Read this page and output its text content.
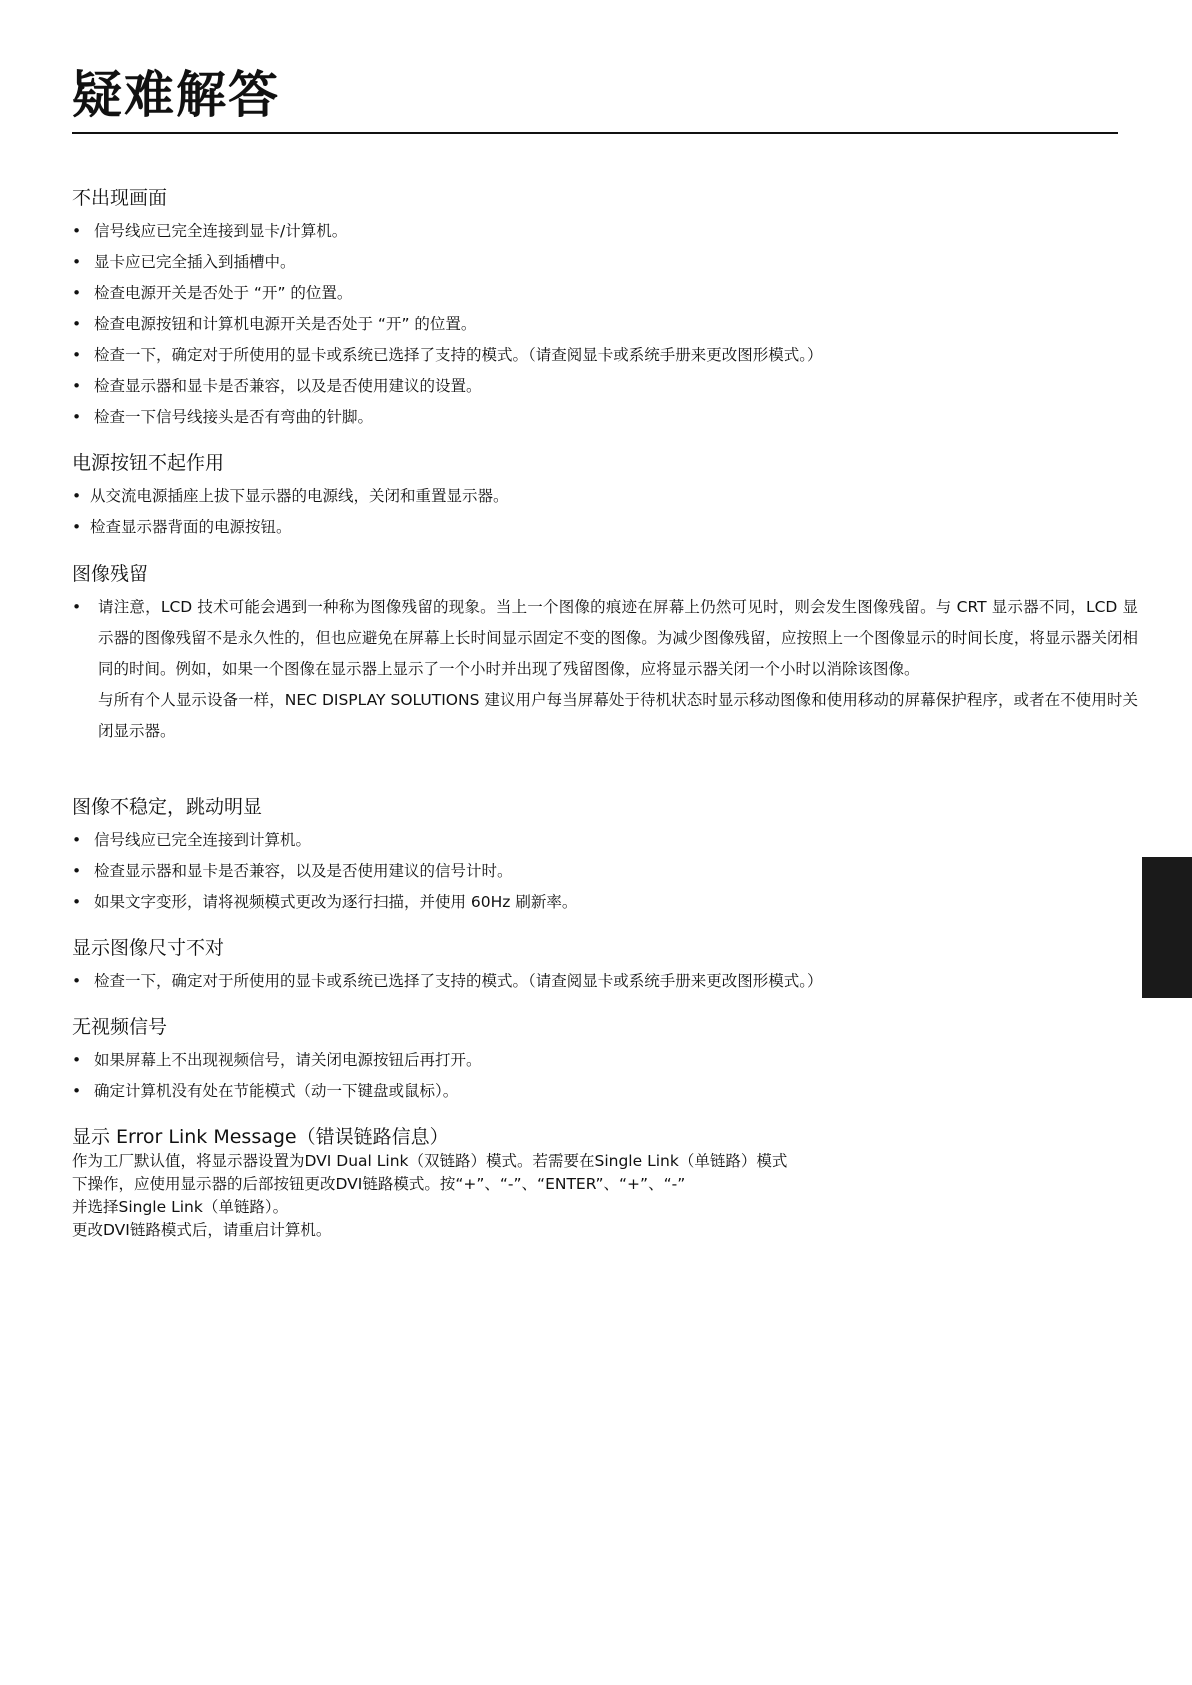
疑难解答
不出现画面
• 信号线应已完全连接到显卡/计算机。
• 显卡应已完全插入到插槽中。
• 检查电源开关是否处于 “开” 的位置。
• 检查电源按钮和计算机电源开关是否处于 “开” 的位置。
• 检查一下，确定对于所使用的显卡或系统已选择了支持的模式。（请查阅显卡或系统手册来更改图形模式。）
• 检查显示器和显卡是否兼容，以及是否使用建议的设置。
• 检查一下信号线接头是否有弯曲的针脚。
电源按钮不起作用
• 从交流电源插座上拔下显示器的电源线，关闭和重置显示器。
• 检查显示器背面的电源按钮。
图像残留
• 请注意，LCD 技术可能会遇到一种称为图像残留的现象。当上一个图像的痕迹在屏幕上仍然可见时，则会发生图像残留。与 CRT 显示器不同，LCD 显示器的图像残留不是永久性的，但也应避免在屏幕上长时间显示固定不变的图像。为减少图像残留，应按照上一个图像显示的时间长度，将显示器关闭相同的时间。例如，如果一个图像在显示器上显示了一个小时并出现了残留图像，应将显示器关闭一个小时以消除该图像。

与所有个人显示设备一样，NEC DISPLAY SOLUTIONS 建议用户每当屏幕处于待机状态时显示移动图像和使用移动的屏幕保护程序，或者在不使用时关闭显示器。

图像不稳定，跳动明显
• 信号线应已完全连接到计算机。
• 检查显示器和显卡是否兼容，以及是否使用建议的信号计时。
• 如果文字变形，请将视频模式更改为逐行扫描，并使用 60Hz 刷新率。
显示图像尺寸不对
• 检查一下，确定对于所使用的显卡或系统已选择了支持的模式。（请查阅显卡或系统手册来更改图形模式。）
无视频信号
• 如果屏幕上不出现视频信号，请关闭电源按钮后再打开。
• 确定计算机没有处在节能模式（动一下键盘或鼠标）。
显示 Error Link Message（错误链路信息）
作为工厂默认值，将显示器设置为DVI Dual Link（双链路）模式。若需要在Single Link（单链路）模式
下操作，应使用显示器的后部按钮更改DVI链路模式。按“+”、“-”、“ENTER”、“+”、“-”
并选择Single Link（单链路）。
更改DVI链路模式后，请重启计算机。
